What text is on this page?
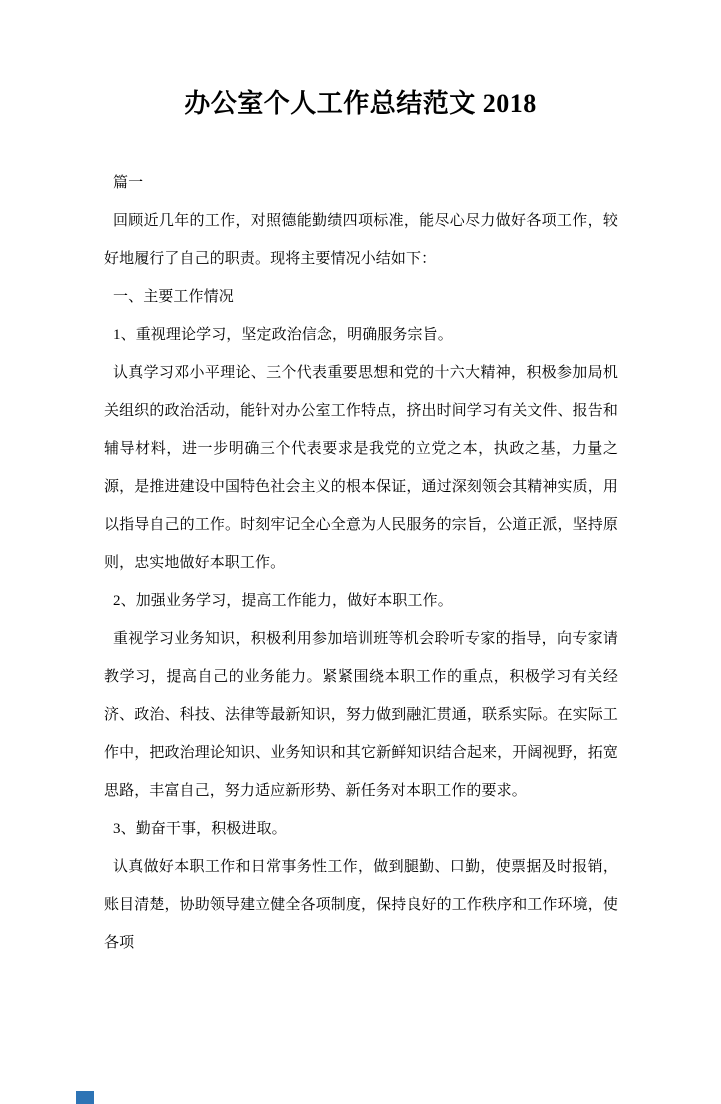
办公室个人工作总结范文 2018

篇一

回顾近几年的工作，对照德能勤绩四项标准，能尽心尽力做好各项工作，较好地履行了自己的职责。现将主要情况小结如下：

一、主要工作情况

1、重视理论学习，坚定政治信念，明确服务宗旨。

认真学习邓小平理论、三个代表重要思想和党的十六大精神，积极参加局机关组织的政治活动，能针对办公室工作特点，挤出时间学习有关文件、报告和辅导材料，进一步明确三个代表要求是我党的立党之本，执政之基，力量之源，是推进建设中国特色社会主义的根本保证，通过深刻领会其精神实质，用以指导自己的工作。时刻牢记全心全意为人民服务的宗旨，公道正派，坚持原则，忠实地做好本职工作。

2、加强业务学习，提高工作能力，做好本职工作。

重视学习业务知识，积极利用参加培训班等机会聆听专家的指导，向专家请教学习，提高自己的业务能力。紧紧围绕本职工作的重点，积极学习有关经济、政治、科技、法律等最新知识，努力做到融汇贯通，联系实际。在实际工作中，把政治理论知识、业务知识和其它新鲜知识结合起来，开阔视野，拓宽思路，丰富自己，努力适应新形势、新任务对本职工作的要求。

3、勤奋干事，积极进取。

认真做好本职工作和日常事务性工作，做到腿勤、口勤，使票据及时报销，账目清楚，协助领导建立健全各项制度，保持良好的工作秩序和工作环境，使各项
